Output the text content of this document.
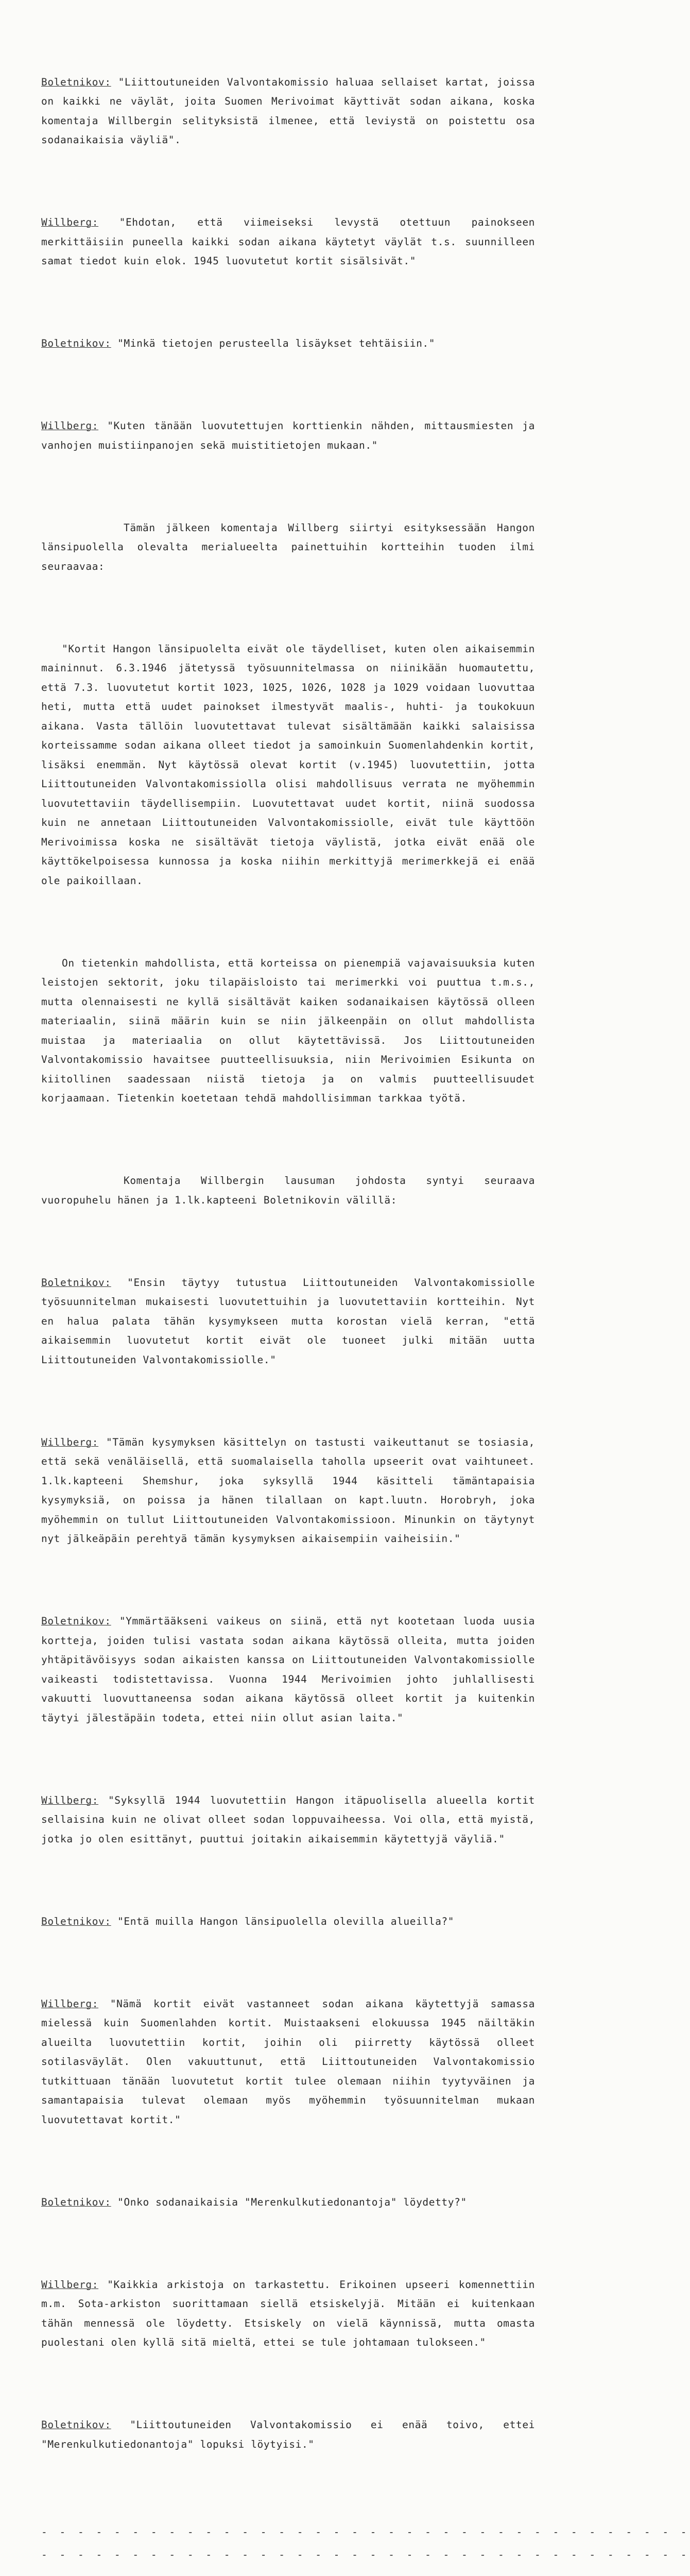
Boletnikov: "Liittoutuneiden Valvontakomissio haluaa sellaiset kartat, joissa on kaikki ne väylät, joita Suomen Merivoimat käyttivät sodan aikana, koska komentaja Willbergin selityksistä ilmenee, että leviystä on poistettu osa sodanaikaisia väyliä".

Willberg: "Ehdotan, että viimeiseksi levystä otettuun painokseen merkittäisiin puneella kaikki sodan aikana käytetyt väylät t.s. suunnilleen samat tiedot kuin elok. 1945 luovutetut kortit sisälsivät."

Boletnikov: "Minkä tietojen perusteella lisäykset tehtäisiin."

Willberg: "Kuten tänään luovutettujen korttienkin nähden, mittausmiesten ja vanhojen muistiinpanojen sekä muistitietojen mukaan."

Tämän jälkeen komentaja Willberg siirtyi esityksessään Hangon länsipuolella olevalta merialueelta painettuihin kortteihin tuoden ilmi seuraavaa:

"Kortit Hangon länsipuolelta eivät ole täydelliset, kuten olen aikaisemmin maininnut. 6.3.1946 jätetyssä työsuunnitelmassa on niinikään huomautettu, että 7.3. luovutetut kortit 1023, 1025, 1026, 1028 ja 1029 voidaan luovuttaa heti, mutta että uudet painokset ilmestyvät maalis-, huhti- ja toukokuun aikana. Vasta tällöin luovutettavat tulevat sisältämään kaikki salaisissa korteissamme sodan aikana olleet tiedot ja samoinkuin Suomenlahdenkin kortit, lisäksi enemmän. Nyt käytössä olevat kortit (v.1945) luovutettiin, jotta Liittoutuneiden Valvontakomissiolla olisi mahdollisuus verrata ne myöhemmin luovutettaviin täydellisempiin. Luovutettavat uudet kortit, niinä suodossa kuin ne annetaan Liittoutuneiden Valvontakomissiolle, eivät tule käyttöön Merivoimissa koska ne sisältävät tietoja väylistä, jotka eivät enää ole käyttökelpoisessa kunnossa ja koska niihin merkittyjä merimerkkejä ei enää ole paikoillaan.

On tietenkin mahdollista, että korteissa on pienempiä vajavaisuuksia kuten leistojen sektorit, joku tilapäisloisto tai merimerkki voi puuttua t.m.s., mutta olennaisesti ne kyllä sisältävät kaiken sodanaikaisen käytössä olleen materiaalin, siinä määrin kuin se niin jälkeenpäin on ollut mahdollista muistaa ja materiaalia on ollut käytettävissä. Jos Liittoutuneiden Valvontakomissio havaitsee puutteellisuuksia, niin Merivoimien Esikunta on kiitollinen saadessaan niistä tietoja ja on valmis puutteellisuudet korjaamaan. Tietenkin koetetaan tehdä mahdollisimman tarkkaa työtä.

Komentaja Willbergin lausuman johdosta syntyi seuraava vuoropuhelu hänen ja 1.lk.kapteeni Boletnikovin välillä:

Boletnikov: "Ensin täytyy tutustua Liittoutuneiden Valvontakomissiolle työsuunnitelman mukaisesti luovutettuihin ja luovutettaviin kortteihin. Nyt en halua palata tähän kysymykseen mutta korostan vielä kerran, "että aikaisemmin luovutetut kortit eivät ole tuoneet julki mitään uutta Liittoutuneiden Valvontakomissiolle."

Willberg: "Tämän kysymyksen käsittelyn on tastusti vaikeuttanut se tosiasia, että sekä venäläisellä, että suomalaisella taholla upseerit ovat vaihtuneet. 1.lk.kapteeni Shemshur, joka syksyllä 1944 käsitteli tämäntapaisia kysymyksiä, on poissa ja hänen tilallaan on kapt.luutn. Horobryh, joka myöhemmin on tullut Liittoutuneiden Valvontakomissioon. Minunkin on täytynyt nyt jälkeäpäin perehtyä tämän kysymyksen aikaisempiin vaiheisiin."

Boletnikov: "Ymmärtääkseni vaikeus on siinä, että nyt kootetaan luoda uusia kortteja, joiden tulisi vastata sodan aikana käytössä olleita, mutta joiden yhtäpitävöisyys sodan aikaisten kanssa on Liittoutuneiden Valvontakomissiolle vaikeasti todistettavissa. Vuonna 1944 Merivoimien johto juhlallisesti vakuutti luovuttaneensa sodan aikana käytössä olleet kortit ja kuitenkin täytyi jälestäpäin todeta, ettei niin ollut asian laita."

Willberg: "Syksyllä 1944 luovutettiin Hangon itäpuolisella alueella kortit sellaisina kuin ne olivat olleet sodan loppuvaiheessa. Voi olla, että myistä, jotka jo olen esittänyt, puuttui joitakin aikaisemmin käytettyjä väyliä."

Boletnikov: "Entä muilla Hangon länsipuolella olevilla alueilla?"

Willberg: "Nämä kortit eivät vastanneet sodan aikana käytettyjä samassa mielessä kuin Suomenlahden kortit. Muistaakseni elokuussa 1945 näiltäkin alueilta luovutettiin kortit, joihin oli piirretty käytössä olleet sotilasväylät. Olen vakuuttunut, että Liittoutuneiden Valvontakomissio tutkittuaan tänään luovutetut kortit tulee olemaan niihin tyytyväinen ja samantapaisia tulevat olemaan myös myöhemmin työsuunnitelman mukaan luovutettavat kortit."

Boletnikov: "Onko sodanaikaisia "Merenkulkutiedonantoja" löydetty?"

Willberg: "Kaikkia arkistoja on tarkastettu. Erikoinen upseeri komennettiin m.m. Sota-arkiston suorittamaan siellä etsiskelyjä. Mitään ei kuitenkaan tähän mennessä ole löydetty. Etsiskely on vielä käynnissä, mutta omasta puolestani olen kyllä sitä mieltä, ettei se tule johtamaan tulokseen."

Boletnikov: "Liittoutuneiden Valvontakomissio ei enää toivo, ettei "Merenkulkutiedonantoja" lopuksi löytyisi."

- - - - - - - - - - - - - - - - - - - - - - - - - - - - - - - - - - - -
- - - - - - - - - - - - - - - - - - - - - - - - - - - - - - - - - - - -
